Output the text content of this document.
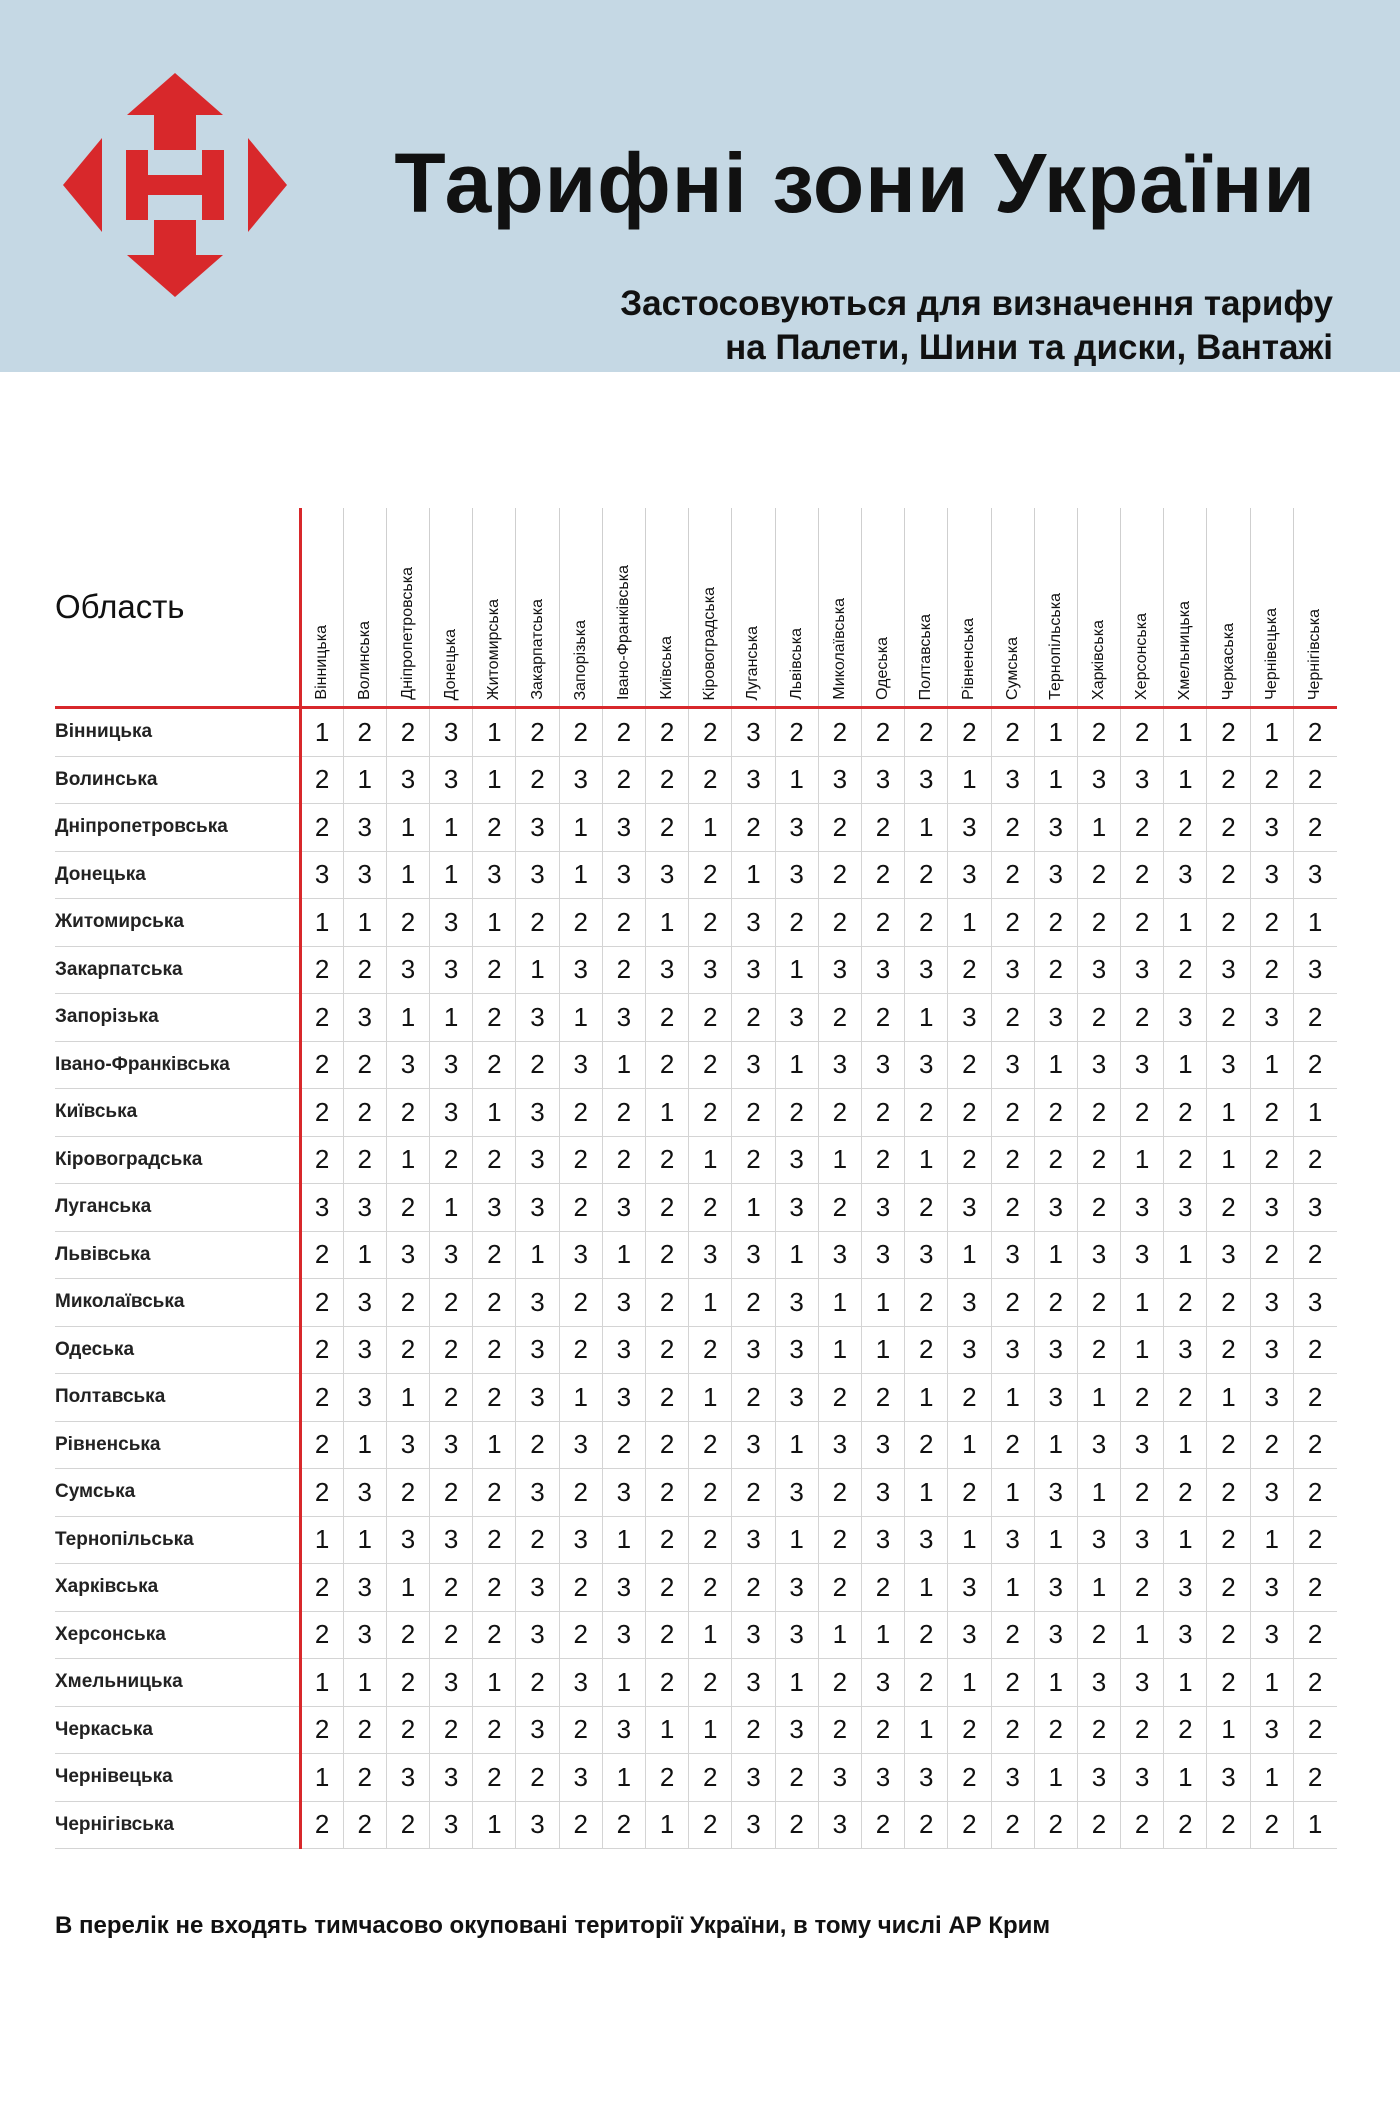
Тарифні зони України
Застосовуються для визначення тарифу
на Палети, Шини та диски, Вантажі
Область	Вінницька	Волинська	Дніпропетровська	Донецька	Житомирська	Закарпатська	Запорізька	Івано-Франківська	Київська	Кіровоградська	Луганська	Львівська	Миколаївська	Одеська	Полтавська	Рівненська	Сумська	Тернопільська	Харківська	Херсонська	Хмельницька	Черкаська	Чернівецька	Чернігівська

Вінницька	1	2	2	3	1	2	2	2	2	2	3	2	2	2	2	2	2	1	2	2	1	2	1	2
Волинська	2	1	3	3	1	2	3	2	2	2	3	1	3	3	3	1	3	1	3	3	1	2	2	2
Дніпропетровська	2	3	1	1	2	3	1	3	2	1	2	3	2	2	1	3	2	3	1	2	2	2	3	2
Донецька	3	3	1	1	3	3	1	3	3	2	1	3	2	2	2	3	2	3	2	2	3	2	3	3
Житомирська	1	1	2	3	1	2	2	2	1	2	3	2	2	2	2	1	2	2	2	2	1	2	2	1
Закарпатська	2	2	3	3	2	1	3	2	3	3	3	1	3	3	3	2	3	2	3	3	2	3	2	3
Запорізька	2	3	1	1	2	3	1	3	2	2	2	3	2	2	1	3	2	3	2	2	3	2	3	2
Івано-Франківська	2	2	3	3	2	2	3	1	2	2	3	1	3	3	3	2	3	1	3	3	1	3	1	2
Київська	2	2	2	3	1	3	2	2	1	2	2	2	2	2	2	2	2	2	2	2	2	1	2	1
Кіровоградська	2	2	1	2	2	3	2	2	2	1	2	3	1	2	1	2	2	2	2	1	2	1	2	2
Луганська	3	3	2	1	3	3	2	3	2	2	1	3	2	3	2	3	2	3	2	3	3	2	3	3
Львівська	2	1	3	3	2	1	3	1	2	3	3	1	3	3	3	1	3	1	3	3	1	3	2	2
Миколаївська	2	3	2	2	2	3	2	3	2	1	2	3	1	1	2	3	2	2	2	1	2	2	3	3
Одеська	2	3	2	2	2	3	2	3	2	2	3	3	1	1	2	3	3	3	2	1	3	2	3	2
Полтавська	2	3	1	2	2	3	1	3	2	1	2	3	2	2	1	2	1	3	1	2	2	1	3	2
Рівненська	2	1	3	3	1	2	3	2	2	2	3	1	3	3	2	1	2	1	3	3	1	2	2	2
Сумська	2	3	2	2	2	3	2	3	2	2	2	3	2	3	1	2	1	3	1	2	2	2	3	2
Тернопільська	1	1	3	3	2	2	3	1	2	2	3	1	2	3	3	1	3	1	3	3	1	2	1	2
Харківська	2	3	1	2	2	3	2	3	2	2	2	3	2	2	1	3	1	3	1	2	3	2	3	2
Херсонська	2	3	2	2	2	3	2	3	2	1	3	3	1	1	2	3	2	3	2	1	3	2	3	2
Хмельницька	1	1	2	3	1	2	3	1	2	2	3	1	2	3	2	1	2	1	3	3	1	2	1	2
Черкаська	2	2	2	2	2	3	2	3	1	1	2	3	2	2	1	2	2	2	2	2	2	1	3	2
Чернівецька	1	2	3	3	2	2	3	1	2	2	3	2	3	3	3	2	3	1	3	3	1	3	1	2
Чернігівська	2	2	2	3	1	3	2	2	1	2	3	2	3	2	2	2	2	2	2	2	2	2	2	1
В перелік не входять тимчасово окуповані території України, в тому числі АР Крим
